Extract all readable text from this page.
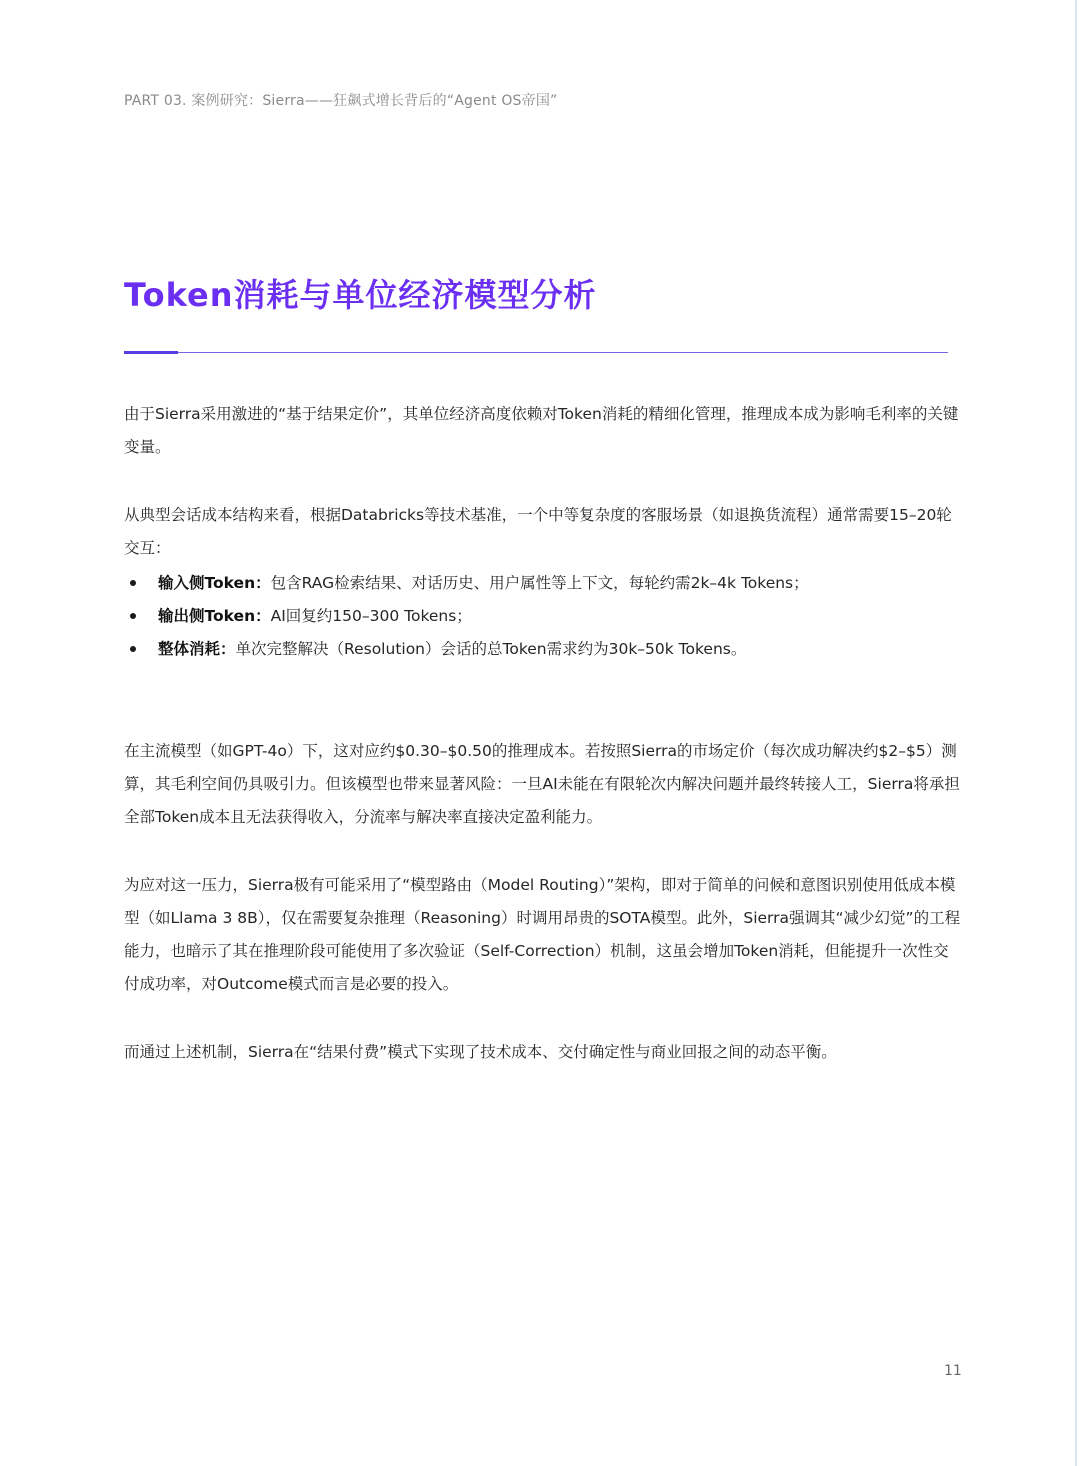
PART 03. 案例研究：Sierra——狂飙式增长背后的“Agent OS帝国”
Token消耗与单位经济模型分析

由于Sierra采用激进的“基于结果定价”，其单位经济高度依赖对Token消耗的精细化管理，推理成本成为影响毛利率的关键变量。

从典型会话成本结构来看，根据Databricks等技术基准，一个中等复杂度的客服场景（如退换货流程）通常需要15–20轮交互：

输入侧Token：包含RAG检索结果、对话历史、用户属性等上下文，每轮约需2k–4k Tokens；
输出侧Token：AI回复约150–300 Tokens；
整体消耗：单次完整解决（Resolution）会话的总Token需求约为30k–50k Tokens。

在主流模型（如GPT-4o）下，这对应约$0.30–$0.50的推理成本。若按照Sierra的市场定价（每次成功解决约$2–$5）测算，其毛利空间仍具吸引力。但该模型也带来显著风险：一旦AI未能在有限轮次内解决问题并最终转接人工，Sierra将承担全部Token成本且无法获得收入，分流率与解决率直接决定盈利能力。

为应对这一压力，Sierra极有可能采用了“模型路由（Model Routing）”架构，即对于简单的问候和意图识别使用低成本模型（如Llama 3 8B），仅在需要复杂推理（Reasoning）时调用昂贵的SOTA模型。此外，Sierra强调其“减少幻觉”的工程能力，也暗示了其在推理阶段可能使用了多次验证（Self-Correction）机制，这虽会增加Token消耗，但能提升一次性交付成功率，对Outcome模式而言是必要的投入。

而通过上述机制，Sierra在“结果付费”模式下实现了技术成本、交付确定性与商业回报之间的动态平衡。

11
